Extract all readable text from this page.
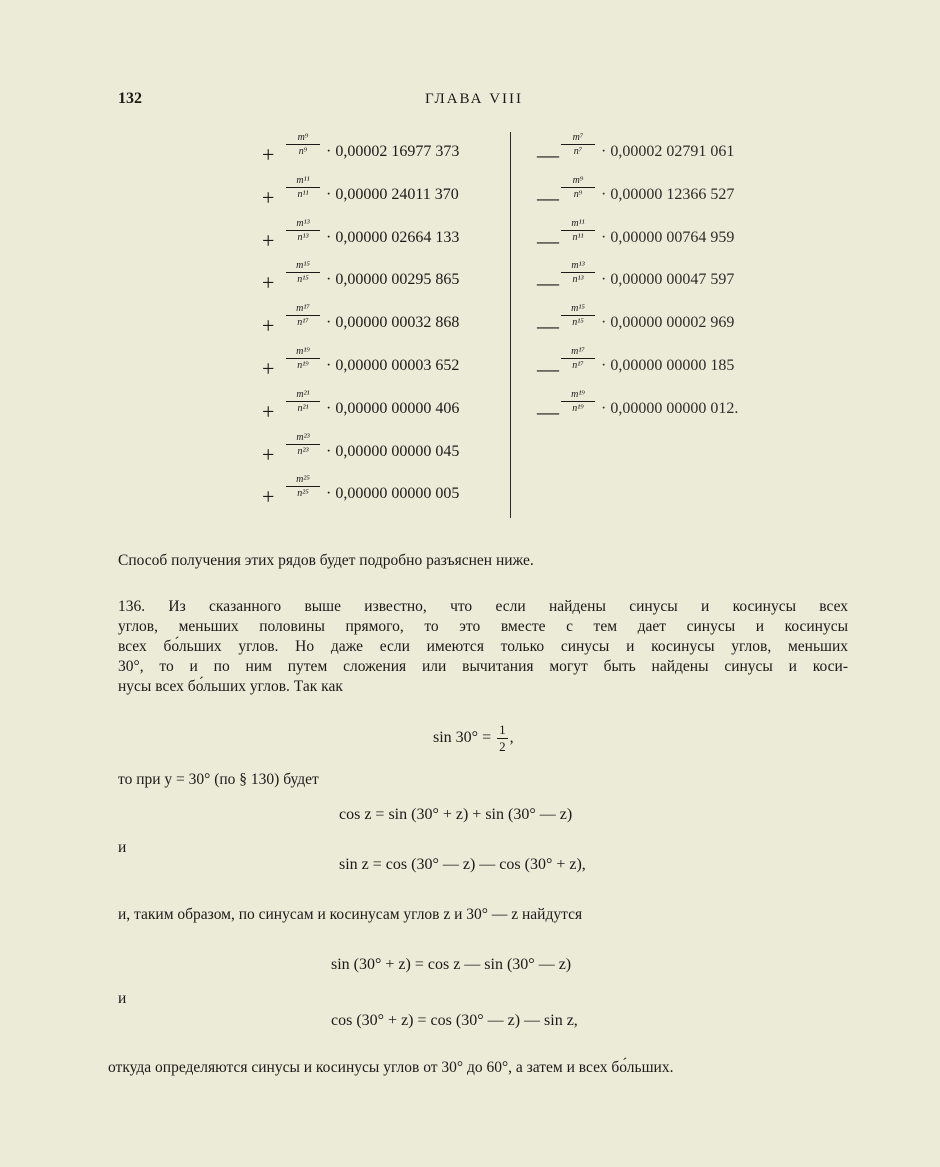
132	ГЛАВА VIII
+	$\frac{\text{m⁹}}{\text{n⁹}} \cdot 0,00002$ 16977 373
+	$\frac{\text{m¹¹}}{\text{n¹¹}} \cdot 0,00000$ 24011 370
+	$\frac{\text{m¹³}}{\text{n¹³}} \cdot 0,00000$ 02664 133
+	$\frac{\text{m¹⁵}}{\text{n¹⁵}} \cdot 0,00000$ 00295 865
+	$\frac{\text{m¹⁷}}{\text{n¹⁷}} \cdot 0,00000$ 00032 868
+	$\frac{\text{m¹⁹}}{\text{n¹⁹}} \cdot 0,00000$ 00003 652
+	$\frac{\text{m²¹}}{\text{n²¹}} \cdot 0,00000$ 00000 406
+	$\frac{\text{m²³}}{\text{n²³}} \cdot 0,00000$ 00000 045
+	$\frac{\text{m²⁵}}{\text{n²⁵}} \cdot 0,00000$ 00000 005
— $\frac{\text{m⁷}}{\text{n⁷}} \cdot 0,00002$ 02791 061
— $\frac{\text{m⁹}}{\text{n⁹}} \cdot 0,00000$ 12366 527
— $\frac{\text{m¹¹}}{\text{n¹¹}} \cdot 0,00000$ 00764 959
— $\frac{\text{m¹³}}{\text{n¹³}} \cdot 0,00000$ 00047 597
— $\frac{\text{m¹⁵}}{\text{n¹⁵}} \cdot 0,00000$ 00002 969
— $\frac{\text{m¹⁷}}{\text{n¹⁷}} \cdot 0,00000$ 00000 185
— $\frac{\text{m¹⁹}}{\text{n¹⁹}} \cdot 0,00000$ 00000 012.
Способ получения этих рядов будет подробно разъяснен ниже.
136. Из сказанного выше известно, что если найдены синусы и косинусы всех
углов, меньших половины прямого, то это вместе с тем дает синусы и косинусы
всех бо́льших углов. Но даже если имеются только синусы и косинусы углов, меньших
30°, то и по ним путем сложения или вычитания могут быть найдены синусы и коси-
нусы всех бо́льших углов. Так как
$\sin 30^\circ = \frac{1}{2}$ ,
то при y = 30° (по § 130) будет
cos z = sin (30° + z) + sin (30° — z)
и
sin z = cos (30° — z) — cos (30° + z),
и, таким образом, по синусам и косинусам углов z и 30° — z найдутся
sin (30° + z) = cos z — sin (30° — z)
и
cos (30° + z) = cos (30° — z) — sin z,
откуда определяются синусы и косинусы углов от 30° до 60°, а затем и всех бо́льших.
